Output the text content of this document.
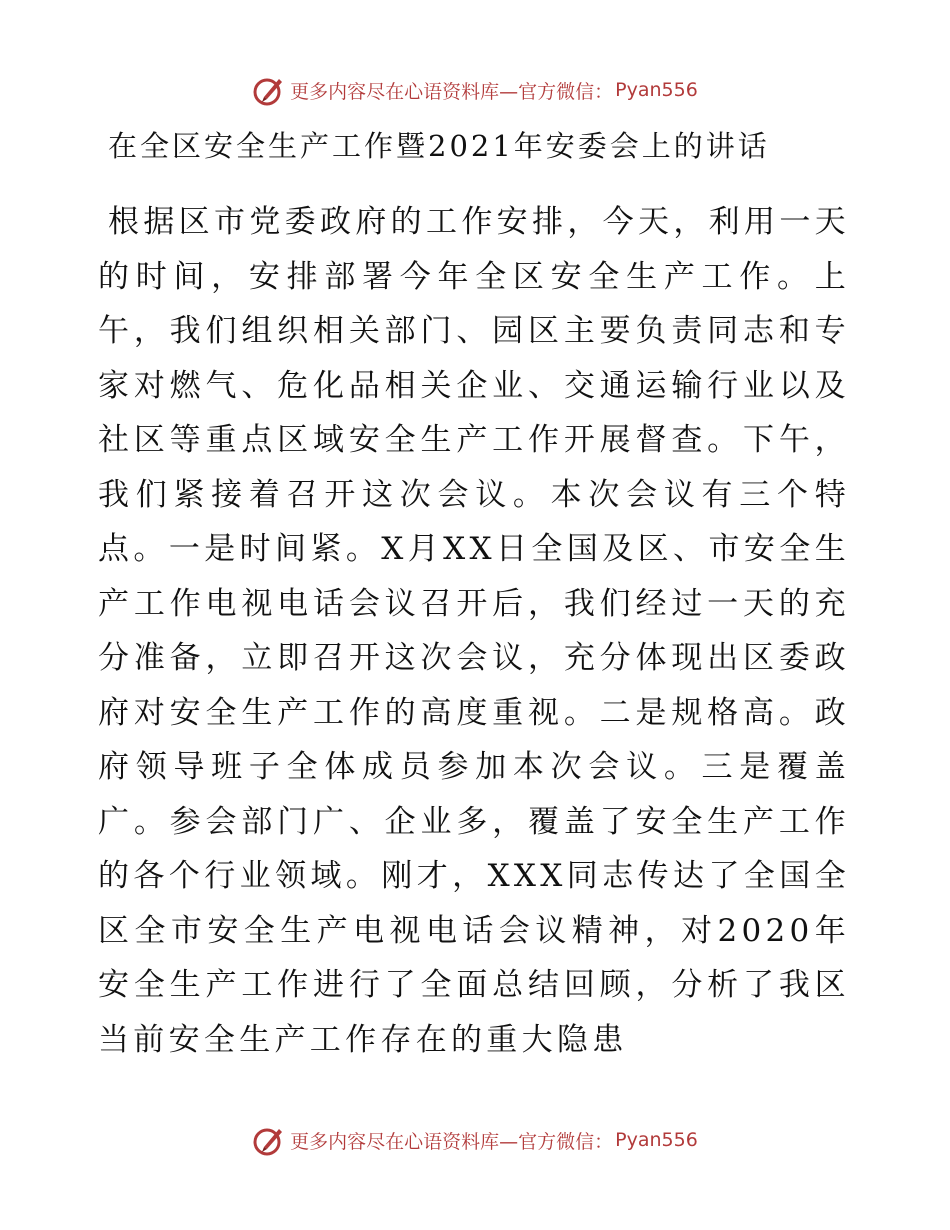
更多内容尽在心语资料库—官方微信： Pyan556
在全区安全生产工作暨2021年安委会上的讲话

根据区市党委政府的工作安排，今天，利用一天的时间，安排部署今年全区安全生产工作。上午，我们组织相关部门、园区主要负责同志和专家对燃气、危化品相关企业、交通运输行业以及社区等重点区域安全生产工作开展督查。下午，我们紧接着召开这次会议。本次会议有三个特点。一是时间紧。X月XX日全国及区、市安全生产工作电视电话会议召开后，我们经过一天的充分准备，立即召开这次会议，充分体现出区委政府对安全生产工作的高度重视。二是规格高。政府领导班子全体成员参加本次会议。三是覆盖广。参会部门广、企业多，覆盖了安全生产工作的各个行业领域。刚才，XXX同志传达了全国全区全市安全生产电视电话会议精神，对2020年安全生产工作进行了全面总结回顾，分析了我区当前安全生产工作存在的重大隐患

更多内容尽在心语资料库—官方微信： Pyan556
